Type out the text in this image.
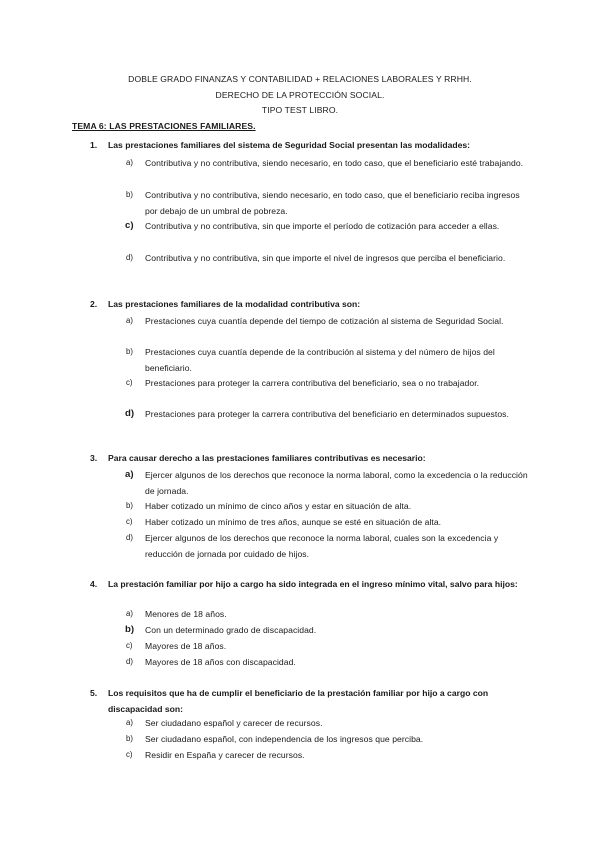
DOBLE GRADO FINANZAS Y CONTABILIDAD + RELACIONES LABORALES Y RRHH.
DERECHO DE LA PROTECCIÓN SOCIAL.
TIPO TEST LIBRO.
TEMA 6: LAS PRESTACIONES FAMILIARES.
1. Las prestaciones familiares del sistema de Seguridad Social presentan las modalidades:
a) Contributiva y no contributiva, siendo necesario, en todo caso, que el beneficiario esté trabajando.
b) Contributiva y no contributiva, siendo necesario, en todo caso, que el beneficiario reciba ingresos por debajo de un umbral de pobreza.
c) Contributiva y no contributiva, sin que importe el período de cotización para acceder a ellas.
d) Contributiva y no contributiva, sin que importe el nivel de ingresos que perciba el beneficiario.
2. Las prestaciones familiares de la modalidad contributiva son:
a) Prestaciones cuya cuantía depende del tiempo de cotización al sistema de Seguridad Social.
b) Prestaciones cuya cuantía depende de la contribución al sistema y del número de hijos del beneficiario.
c) Prestaciones para proteger la carrera contributiva del beneficiario, sea o no trabajador.
d) Prestaciones para proteger la carrera contributiva del beneficiario en determinados supuestos.
3. Para causar derecho a las prestaciones familiares contributivas es necesario:
a) Ejercer algunos de los derechos que reconoce la norma laboral, como la excedencia o la reducción de jornada.
b) Haber cotizado un mínimo de cinco años y estar en situación de alta.
c) Haber cotizado un mínimo de tres años, aunque se esté en situación de alta.
d) Ejercer algunos de los derechos que reconoce la norma laboral, cuales son la excedencia y reducción de jornada por cuidado de hijos.
4. La prestación familiar por hijo a cargo ha sido integrada en el ingreso mínimo vital, salvo para hijos:
a) Menores de 18 años.
b) Con un determinado grado de discapacidad.
c) Mayores de 18 años.
d) Mayores de 18 años con discapacidad.
5. Los requisitos que ha de cumplir el beneficiario de la prestación familiar por hijo a cargo con discapacidad son:
a) Ser ciudadano español y carecer de recursos.
b) Ser ciudadano español, con independencia de los ingresos que perciba.
c) Residir en España y carecer de recursos.
